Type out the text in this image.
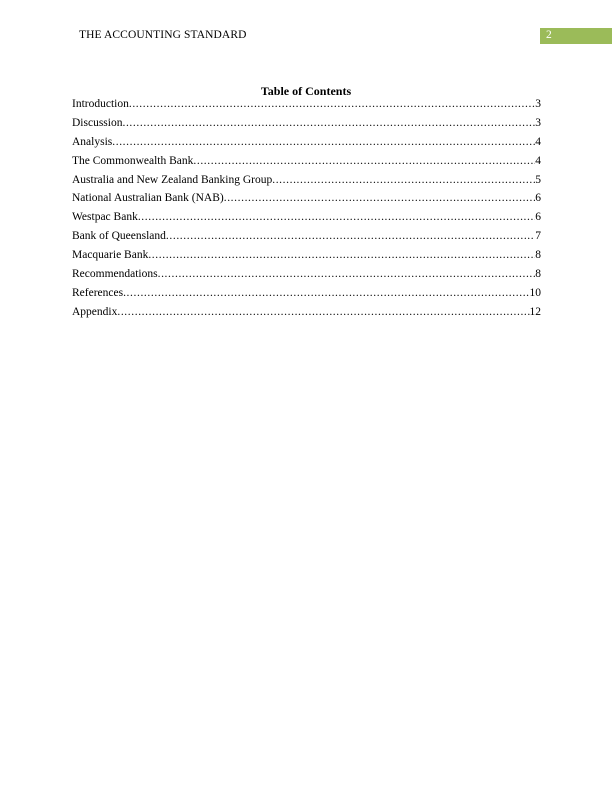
THE ACCOUNTING STANDARD	2
Table of Contents
Introduction .....	3
Discussion .....	3
Analysis .....	4
The Commonwealth Bank .....	4
Australia and New Zealand Banking Group .....	5
National Australian Bank (NAB) .....	6
Westpac Bank .....	6
Bank of Queensland .....	7
Macquarie Bank .....	8
Recommendations .....	8
References .....	10
Appendix .....	12
